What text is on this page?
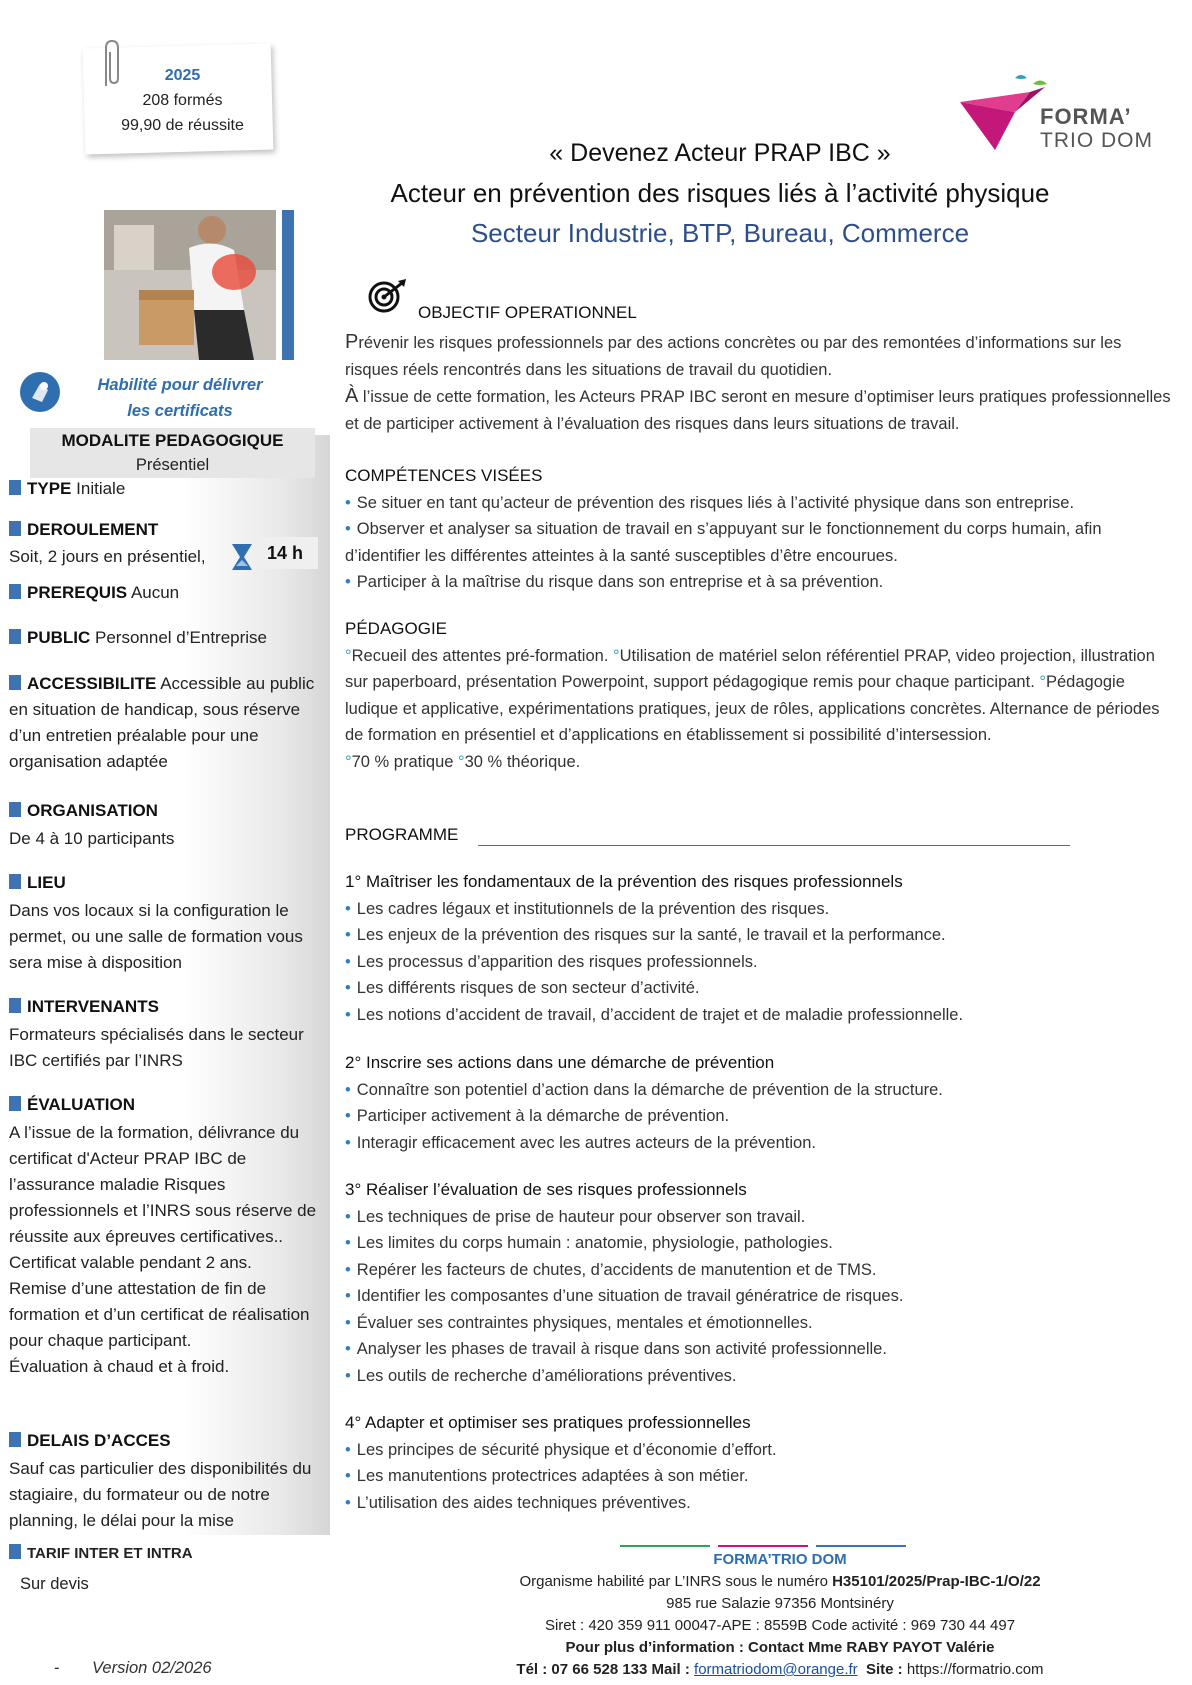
2025
208 formés
99,90 de réussite	FORMA’
TRIO DOM
« Devenez Acteur PRAP IBC »
Acteur en prévention des risques liés à l’activité physique
Secteur Industrie, BTP, Bureau, Commerce
Habilité pour délivrer
les certificats
MODALITE PEDAGOGIQUE
Présentiel
TYPE Initiale
DEROULEMENT
Soit, 2 jours en présentiel,	14 h
PREREQUIS Aucun
PUBLIC Personnel d’Entreprise
ACCESSIBILITE Accessible au public en situation de handicap, sous réserve d’un entretien préalable pour une organisation adaptée
ORGANISATION
De 4 à 10 participants
LIEU
Dans vos locaux si la configuration le permet, ou une salle de formation vous sera mise à disposition
INTERVENANTS
Formateurs spécialisés dans le secteur IBC certifiés par l’INRS
ÉVALUATION
A l’issue de la formation, délivrance du certificat d'Acteur PRAP IBC de l’assurance maladie Risques professionnels et l’INRS sous réserve de réussite aux épreuves certificatives..
Certificat valable pendant 2 ans.
Remise d’une attestation de fin de formation et d’un certificat de réalisation pour chaque participant.
Évaluation à chaud et à froid.
DELAIS D’ACCES
Sauf cas particulier des disponibilités du stagiaire, du formateur ou de notre planning, le délai pour la mise
TARIF INTER ET INTRA
Sur devis
- Version 02/2026
OBJECTIF OPERATIONNEL
Prévenir les risques professionnels par des actions concrètes ou par des remontées d’informations sur les risques réels rencontrés dans les situations de travail du quotidien.
À l’issue de cette formation, les Acteurs PRAP IBC seront en mesure d’optimiser leurs pratiques professionnelles et de participer activement à l’évaluation des risques dans leurs situations de travail.
COMPÉTENCES VISÉES
• Se situer en tant qu’acteur de prévention des risques liés à l’activité physique dans son entreprise.
• Observer et analyser sa situation de travail en s’appuyant sur le fonctionnement du corps humain, afin d’identifier les différentes atteintes à la santé susceptibles d’être encourues.
• Participer à la maîtrise du risque dans son entreprise et à sa prévention.
PÉDAGOGIE
°Recueil des attentes pré-formation. °Utilisation de matériel selon référentiel PRAP, video projection, illustration sur paperboard, présentation Powerpoint, support pédagogique remis pour chaque participant. °Pédagogie ludique et applicative, expérimentations pratiques, jeux de rôles, applications concrètes. Alternance de périodes de formation en présentiel et d’applications en établissement si possibilité d’intersession.
°70 % pratique °30 % théorique.
PROGRAMME
1° Maîtriser les fondamentaux de la prévention des risques professionnels
• Les cadres légaux et institutionnels de la prévention des risques.
• Les enjeux de la prévention des risques sur la santé, le travail et la performance.
• Les processus d’apparition des risques professionnels.
• Les différents risques de son secteur d’activité.
• Les notions d’accident de travail, d’accident de trajet et de maladie professionnelle.
2° Inscrire ses actions dans une démarche de prévention
• Connaître son potentiel d’action dans la démarche de prévention de la structure.
• Participer activement à la démarche de prévention.
• Interagir efficacement avec les autres acteurs de la prévention.
3° Réaliser l’évaluation de ses risques professionnels
• Les techniques de prise de hauteur pour observer son travail.
• Les limites du corps humain : anatomie, physiologie, pathologies.
• Repérer les facteurs de chutes, d’accidents de manutention et de TMS.
• Identifier les composantes d’une situation de travail génératrice de risques.
• Évaluer ses contraintes physiques, mentales et émotionnelles.
• Analyser les phases de travail à risque dans son activité professionnelle.
• Les outils de recherche d’améliorations préventives.
4° Adapter et optimiser ses pratiques professionnelles
• Les principes de sécurité physique et d’économie d’effort.
• Les manutentions protectrices adaptées à son métier.
• L’utilisation des aides techniques préventives.
FORMA’TRIO DOM
Organisme habilité par L’INRS sous le numéro H35101/2025/Prap-IBC-1/O/22
985 rue Salazie 97356 Montsinéry
Siret : 420 359 911 00047-APE : 8559B Code activité : 969 730 44 497
Pour plus d’information : Contact Mme RABY PAYOT Valérie
Tél : 07 66 528 133 Mail : formatriodom@orange.fr Site : https://formatrio.com
